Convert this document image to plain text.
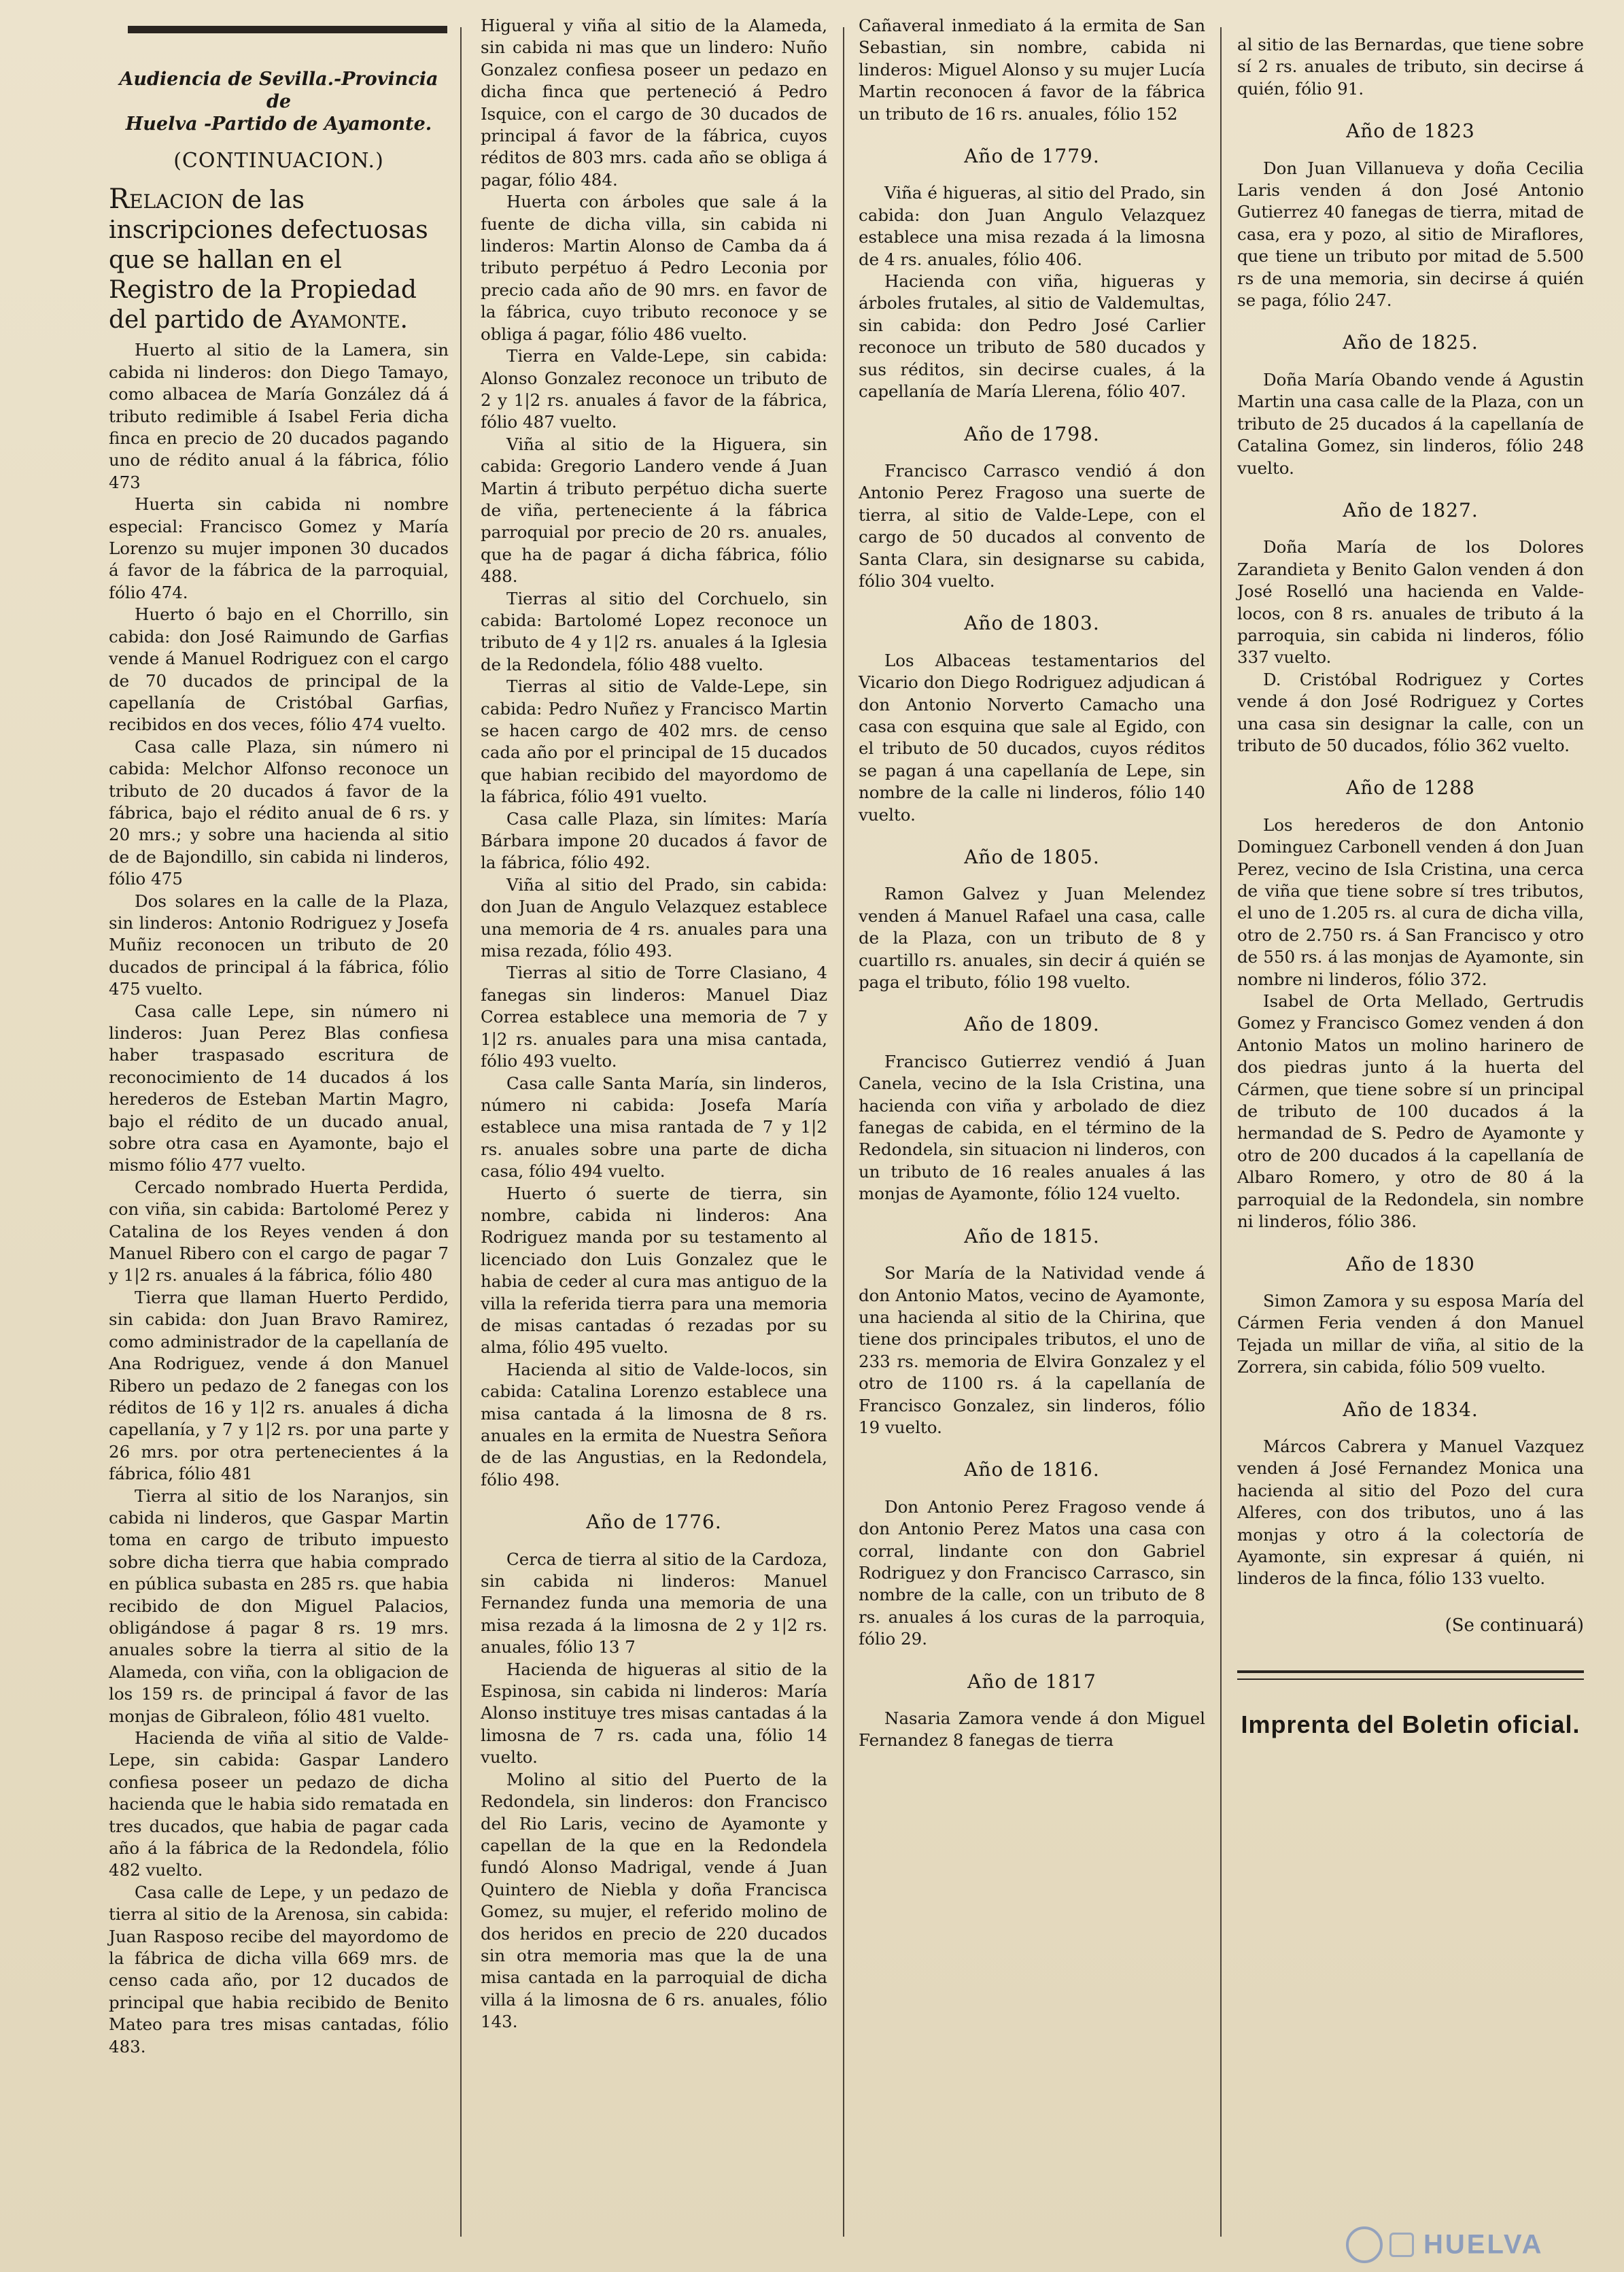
Audiencia de Sevilla.-Provincia de
Huelva -Partido de Ayamonte.
(CONTINUACION.)
Relacion de las inscripciones defectuosas que se hallan en el Registro de la Propiedad del partido de Ayamonte.

Huerto al sitio de la Lamera, sin cabida ni linderos: don Diego Tamayo, como albacea de María González dá á tributo redimible á Isabel Feria dicha finca en precio de 20 ducados pagando uno de rédito anual á la fábrica, fólio 473

Huerta sin cabida ni nombre especial: Francisco Gomez y María Lorenzo su mujer imponen 30 ducados á favor de la fábrica de la parroquial, fólio 474.

Huerto ó bajo en el Chorrillo, sin cabida: don José Raimundo de Garfias vende á Manuel Rodriguez con el cargo de 70 ducados de principal de la capellanía de Cristóbal Garfias, recibidos en dos veces, fólio 474 vuelto.

Casa calle Plaza, sin número ni cabida: Melchor Alfonso reconoce un tributo de 20 ducados á favor de la fábrica, bajo el rédito anual de 6 rs. y 20 mrs.; y sobre una hacienda al sitio de de Bajondillo, sin cabida ni linderos, fólio 475

Dos solares en la calle de la Plaza, sin linderos: Antonio Rodriguez y Josefa Muñiz reconocen un tributo de 20 ducados de principal á la fábrica, fólio 475 vuelto.

Casa calle Lepe, sin número ni linderos: Juan Perez Blas confiesa haber traspasado escritura de reconocimiento de 14 ducados á los herederos de Esteban Martin Magro, bajo el rédito de un ducado anual, sobre otra casa en Ayamonte, bajo el mismo fólio 477 vuelto.

Cercado nombrado Huerta Perdida, con viña, sin cabida: Bartolomé Perez y Catalina de los Reyes venden á don Manuel Ribero con el cargo de pagar 7 y 1|2 rs. anuales á la fábrica, fólio 480

Tierra que llaman Huerto Perdido, sin cabida: don Juan Bravo Ramirez, como administrador de la capellanía de Ana Rodriguez, vende á don Manuel Ribero un pedazo de 2 fanegas con los réditos de 16 y 1|2 rs. anuales á dicha capellanía, y 7 y 1|2 rs. por una parte y 26 mrs. por otra pertenecientes á la fábrica, fólio 481

Tierra al sitio de los Naranjos, sin cabida ni linderos, que Gaspar Martin toma en cargo de tributo impuesto sobre dicha tierra que habia comprado en pública subasta en 285 rs. que habia recibido de don Miguel Palacios, obligándose á pagar 8 rs. 19 mrs. anuales sobre la tierra al sitio de la Alameda, con viña, con la obligacion de los 159 rs. de principal á favor de las monjas de Gibraleon, fólio 481 vuelto.

Hacienda de viña al sitio de Valde-Lepe, sin cabida: Gaspar Landero confiesa poseer un pedazo de dicha hacienda que le habia sido rematada en tres ducados, que habia de pagar cada año á la fábrica de la Redondela, fólio 482 vuelto.

Casa calle de Lepe, y un pedazo de tierra al sitio de la Arenosa, sin cabida: Juan Rasposo recibe del mayordomo de la fábrica de dicha villa 669 mrs. de censo cada año, por 12 ducados de principal que habia recibido de Benito Mateo para tres misas cantadas, fólio 483.

Higueral y viña al sitio de la Alameda, sin cabida ni mas que un lindero: Nuño Gonzalez confiesa poseer un pedazo en dicha finca que perteneció á Pedro Isquice, con el cargo de 30 ducados de principal á favor de la fábrica, cuyos réditos de 803 mrs. cada año se obliga á pagar, fólio 484.

Huerta con árboles que sale á la fuente de dicha villa, sin cabida ni linderos: Martin Alonso de Camba da á tributo perpétuo á Pedro Leconia por precio cada año de 90 mrs. en favor de la fábrica, cuyo tributo reconoce y se obliga á pagar, fólio 486 vuelto.

Tierra en Valde-Lepe, sin cabida: Alonso Gonzalez reconoce un tributo de 2 y 1|2 rs. anuales á favor de la fábrica, fólio 487 vuelto.

Viña al sitio de la Higuera, sin cabida: Gregorio Landero vende á Juan Martin á tributo perpétuo dicha suerte de viña, perteneciente á la fábrica parroquial por precio de 20 rs. anuales, que ha de pagar á dicha fábrica, fólio 488.

Tierras al sitio del Corchuelo, sin cabida: Bartolomé Lopez reconoce un tributo de 4 y 1|2 rs. anuales á la Iglesia de la Redondela, fólio 488 vuelto.

Tierras al sitio de Valde-Lepe, sin cabida: Pedro Nuñez y Francisco Martin se hacen cargo de 402 mrs. de censo cada año por el principal de 15 ducados que habian recibido del mayordomo de la fábrica, fólio 491 vuelto.

Casa calle Plaza, sin límites: María Bárbara impone 20 ducados á favor de la fábrica, fólio 492.

Viña al sitio del Prado, sin cabida: don Juan de Angulo Velazquez establece una memoria de 4 rs. anuales para una misa rezada, fólio 493.

Tierras al sitio de Torre Clasiano, 4 fanegas sin linderos: Manuel Diaz Correa establece una memoria de 7 y 1|2 rs. anuales para una misa cantada, fólio 493 vuelto.

Casa calle Santa María, sin linderos, número ni cabida: Josefa María establece una misa rantada de 7 y 1|2 rs. anuales sobre una parte de dicha casa, fólio 494 vuelto.

Huerto ó suerte de tierra, sin nombre, cabida ni linderos: Ana Rodriguez manda por su testamento al licenciado don Luis Gonzalez que le habia de ceder al cura mas antiguo de la villa la referida tierra para una memoria de misas cantadas ó rezadas por su alma, fólio 495 vuelto.

Hacienda al sitio de Valde-locos, sin cabida: Catalina Lorenzo establece una misa cantada á la limosna de 8 rs. anuales en la ermita de Nuestra Señora de de las Angustias, en la Redondela, fólio 498.

Año de 1776.

Cerca de tierra al sitio de la Cardoza, sin cabida ni linderos: Manuel Fernandez funda una memoria de una misa rezada á la limosna de 2 y 1|2 rs. anuales, fólio 13 7

Hacienda de higueras al sitio de la Espinosa, sin cabida ni linderos: María Alonso instituye tres misas cantadas á la limosna de 7 rs. cada una, fólio 14 vuelto.

Molino al sitio del Puerto de la Redondela, sin linderos: don Francisco del Rio Laris, vecino de Ayamonte y capellan de la que en la Redondela fundó Alonso Madrigal, vende á Juan Quintero de Niebla y doña Francisca Gomez, su mujer, el referido molino de dos heridos en precio de 220 ducados sin otra memoria mas que la de una misa cantada en la parroquial de dicha villa á la limosna de 6 rs. anuales, fólio 143.

Cañaveral inmediato á la ermita de San Sebastian, sin nombre, cabida ni linderos: Miguel Alonso y su mujer Lucía Martin reconocen á favor de la fábrica un tributo de 16 rs. anuales, fólio 152

Año de 1779.

Viña é higueras, al sitio del Prado, sin cabida: don Juan Angulo Velazquez establece una misa rezada á la limosna de 4 rs. anuales, fólio 406.

Hacienda con viña, higueras y árboles frutales, al sitio de Valdemultas, sin cabida: don Pedro José Carlier reconoce un tributo de 580 ducados y sus réditos, sin decirse cuales, á la capellanía de María Llerena, fólio 407.

Año de 1798.

Francisco Carrasco vendió á don Antonio Perez Fragoso una suerte de tierra, al sitio de Valde-Lepe, con el cargo de 50 ducados al convento de Santa Clara, sin designarse su cabida, fólio 304 vuelto.

Año de 1803.

Los Albaceas testamentarios del Vicario don Diego Rodriguez adjudican á don Antonio Norverto Camacho una casa con esquina que sale al Egido, con el tributo de 50 ducados, cuyos réditos se pagan á una capellanía de Lepe, sin nombre de la calle ni linderos, fólio 140 vuelto.

Año de 1805.

Ramon Galvez y Juan Melendez venden á Manuel Rafael una casa, calle de la Plaza, con un tributo de 8 y cuartillo rs. anuales, sin decir á quién se paga el tributo, fólio 198 vuelto.

Año de 1809.

Francisco Gutierrez vendió á Juan Canela, vecino de la Isla Cristina, una hacienda con viña y arbolado de diez fanegas de cabida, en el término de la Redondela, sin situacion ni linderos, con un tributo de 16 reales anuales á las monjas de Ayamonte, fólio 124 vuelto.

Año de 1815.

Sor María de la Natividad vende á don Antonio Matos, vecino de Ayamonte, una hacienda al sitio de la Chirina, que tiene dos principales tributos, el uno de 233 rs. memoria de Elvira Gonzalez y el otro de 1100 rs. á la capellanía de Francisco Gonzalez, sin linderos, fólio 19 vuelto.

Año de 1816.

Don Antonio Perez Fragoso vende á don Antonio Perez Matos una casa con corral, lindante con don Gabriel Rodriguez y don Francisco Carrasco, sin nombre de la calle, con un tributo de 8 rs. anuales á los curas de la parroquia, fólio 29.

Año de 1817

Nasaria Zamora vende á don Miguel Fernandez 8 fanegas de tierra

al sitio de las Bernardas, que tiene sobre sí 2 rs. anuales de tributo, sin decirse á quién, fólio 91.

Año de 1823

Don Juan Villanueva y doña Cecilia Laris venden á don José Antonio Gutierrez 40 fanegas de tierra, mitad de casa, era y pozo, al sitio de Miraflores, que tiene un tributo por mitad de 5.500 rs de una memoria, sin decirse á quién se paga, fólio 247.

Año de 1825.

Doña María Obando vende á Agustin Martin una casa calle de la Plaza, con un tributo de 25 ducados á la capellanía de Catalina Gomez, sin linderos, fólio 248 vuelto.

Año de 1827.

Doña María de los Dolores Zarandieta y Benito Galon venden á don José Roselló una hacienda en Valde-locos, con 8 rs. anuales de tributo á la parroquia, sin cabida ni linderos, fólio 337 vuelto.

D. Cristóbal Rodriguez y Cortes vende á don José Rodriguez y Cortes una casa sin designar la calle, con un tributo de 50 ducados, fólio 362 vuelto.

Año de 1288

Los herederos de don Antonio Dominguez Carbonell venden á don Juan Perez, vecino de Isla Cristina, una cerca de viña que tiene sobre sí tres tributos, el uno de 1.205 rs. al cura de dicha villa, otro de 2.750 rs. á San Francisco y otro de 550 rs. á las monjas de Ayamonte, sin nombre ni linderos, fólio 372.

Isabel de Orta Mellado, Gertrudis Gomez y Francisco Gomez venden á don Antonio Matos un molino harinero de dos piedras junto á la huerta del Cármen, que tiene sobre sí un principal de tributo de 100 ducados á la hermandad de S. Pedro de Ayamonte y otro de 200 ducados á la capellanía de Albaro Romero, y otro de 80 á la parroquial de la Redondela, sin nombre ni linderos, fólio 386.

Año de 1830

Simon Zamora y su esposa María del Cármen Feria venden á don Manuel Tejada un millar de viña, al sitio de la Zorrera, sin cabida, fólio 509 vuelto.

Año de 1834.

Márcos Cabrera y Manuel Vazquez venden á José Fernandez Monica una hacienda al sitio del Pozo del cura Alferes, con dos tributos, uno á las monjas y otro á la colectoría de Ayamonte, sin expresar á quién, ni linderos de la finca, fólio 133 vuelto.

(Se continuará)
Imprenta del Boletin oficial.
HUELVA
